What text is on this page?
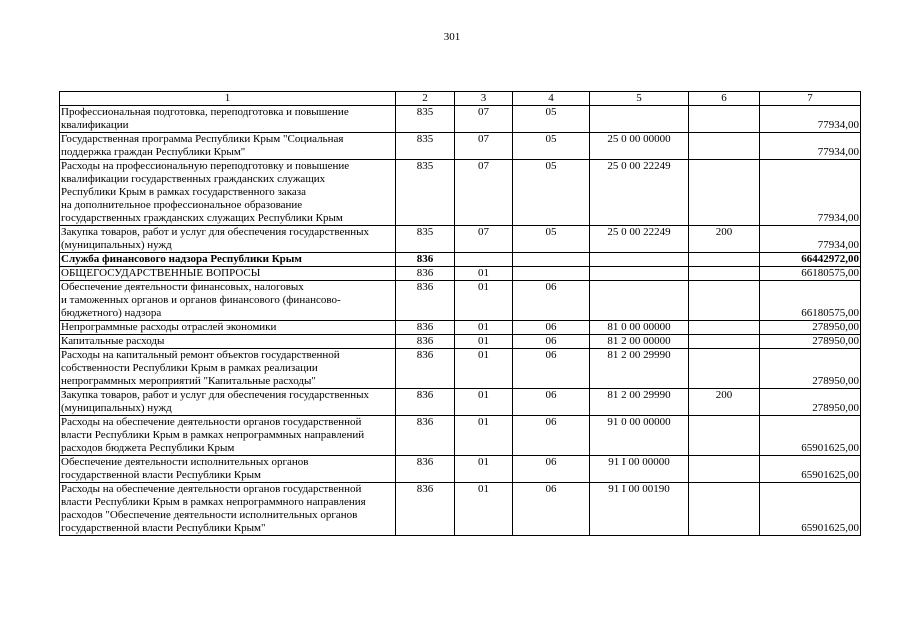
301
1	2	3	4	5	6	7

Профессиональная подготовка, переподготовка и повышение
квалификации	835	07	05			77934,00

Государственная программа Республики Крым "Социальная
поддержка граждан Республики Крым"	835	07	05	25 0 00 00000		77934,00

Расходы на профессиональную переподготовку и повышение
квалификации государственных гражданских служащих
Республики Крым в рамках государственного заказа
на дополнительное профессиональное образование
государственных гражданских служащих Республики Крым	835	07	05	25 0 00 22249		77934,00

Закупка товаров, работ и услуг для обеспечения государственных
(муниципальных) нужд	835	07	05	25 0 00 22249	200	77934,00

Служба финансового надзора Республики Крым	836					66442972,00

ОБЩЕГОСУДАРСТВЕННЫЕ ВОПРОСЫ	836	01				66180575,00

Обеспечение деятельности финансовых, налоговых
и таможенных органов и органов финансового (финансово-
бюджетного) надзора	836	01	06			66180575,00

Непрограммные расходы отраслей экономики	836	01	06	81 0 00 00000		278950,00

Капитальные расходы	836	01	06	81 2 00 00000		278950,00

Расходы на капитальный ремонт объектов государственной
собственности Республики Крым в рамках реализации
непрограммных мероприятий "Капитальные расходы"	836	01	06	81 2 00 29990		278950,00

Закупка товаров, работ и услуг для обеспечения государственных
(муниципальных) нужд	836	01	06	81 2 00 29990	200	278950,00

Расходы на обеспечение деятельности органов государственной
власти Республики Крым в рамках непрограммных направлений
расходов бюджета Республики Крым	836	01	06	91 0 00 00000		65901625,00

Обеспечение деятельности исполнительных органов
государственной власти Республики Крым	836	01	06	91 I 00 00000		65901625,00

Расходы на обеспечение деятельности органов государственной
власти Республики Крым в рамках непрограммного направления
расходов "Обеспечение деятельности исполнительных органов
государственной власти Республики Крым"	836	01	06	91 I 00 00190		65901625,00
